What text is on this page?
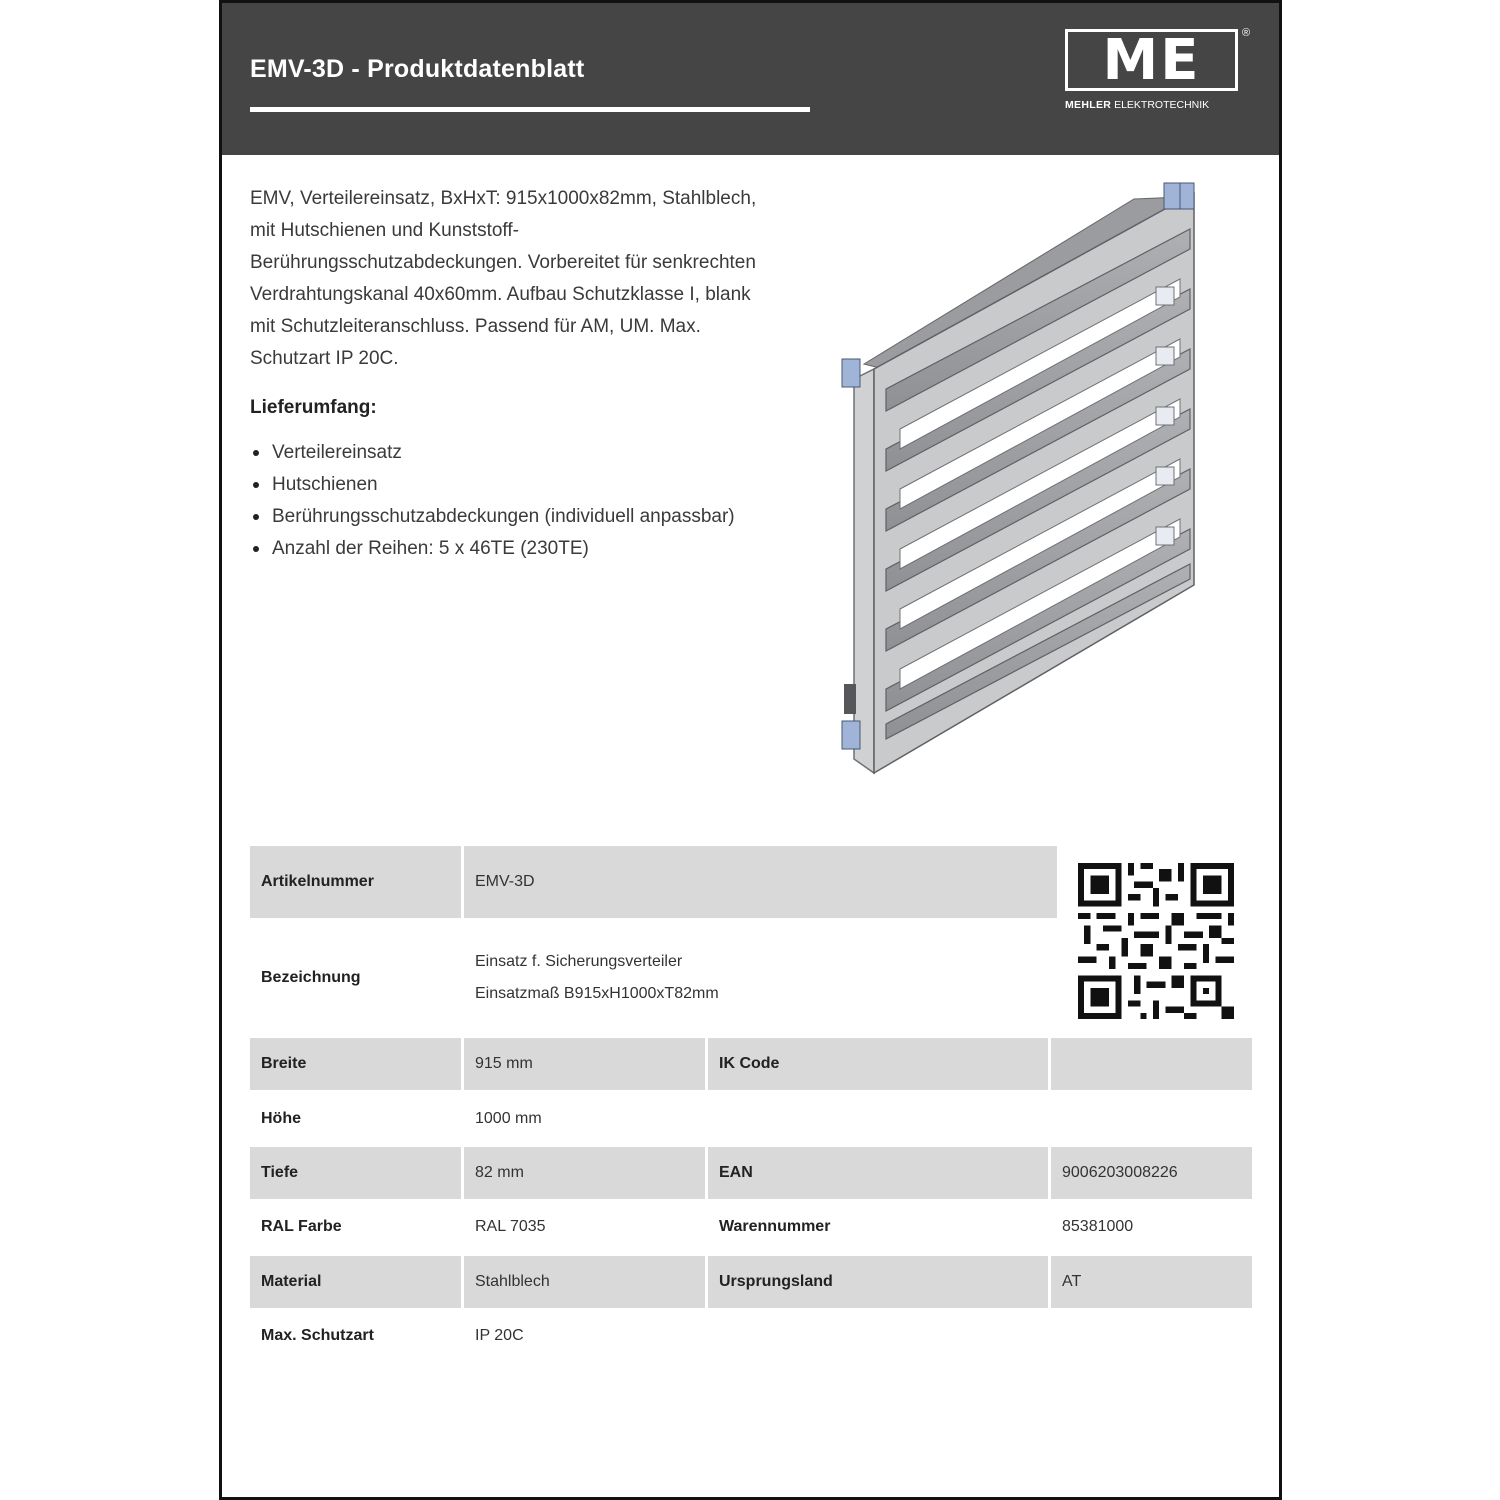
EMV-3D - Produktdatenblatt	ME	®
MEHLER ELEKTROTECHNIK

EMV, Verteilereinsatz, BxHxT: 915x1000x82mm, Stahlblech, mit Hutschienen und Kunststoff-Berührungsschutzabdeckungen. Vorbereitet für senkrechten Verdrahtungskanal 40x60mm. Aufbau Schutzklasse I, blank mit Schutzleiteranschluss. Passend für AM, UM. Max. Schutzart IP 20C.

Lieferumfang:
Verteilereinsatz
Hutschienen
Berührungsschutzabdeckungen (individuell anpassbar)
Anzahl der Reihen: 5 x 46TE (230TE)
Artikelnummer	EMV-3D
Bezeichnung
Einsatz f. Sicherungsverteiler
Einsatzmaß B915xH1000xT82mm
Breite	915 mm	IK Code
Höhe	1000 mm
Tiefe	82 mm	EAN	9006203008226
RAL Farbe	RAL 7035	Warennummer	85381000
Material	Stahlblech	Ursprungsland	AT
Max. Schutzart	IP 20C
